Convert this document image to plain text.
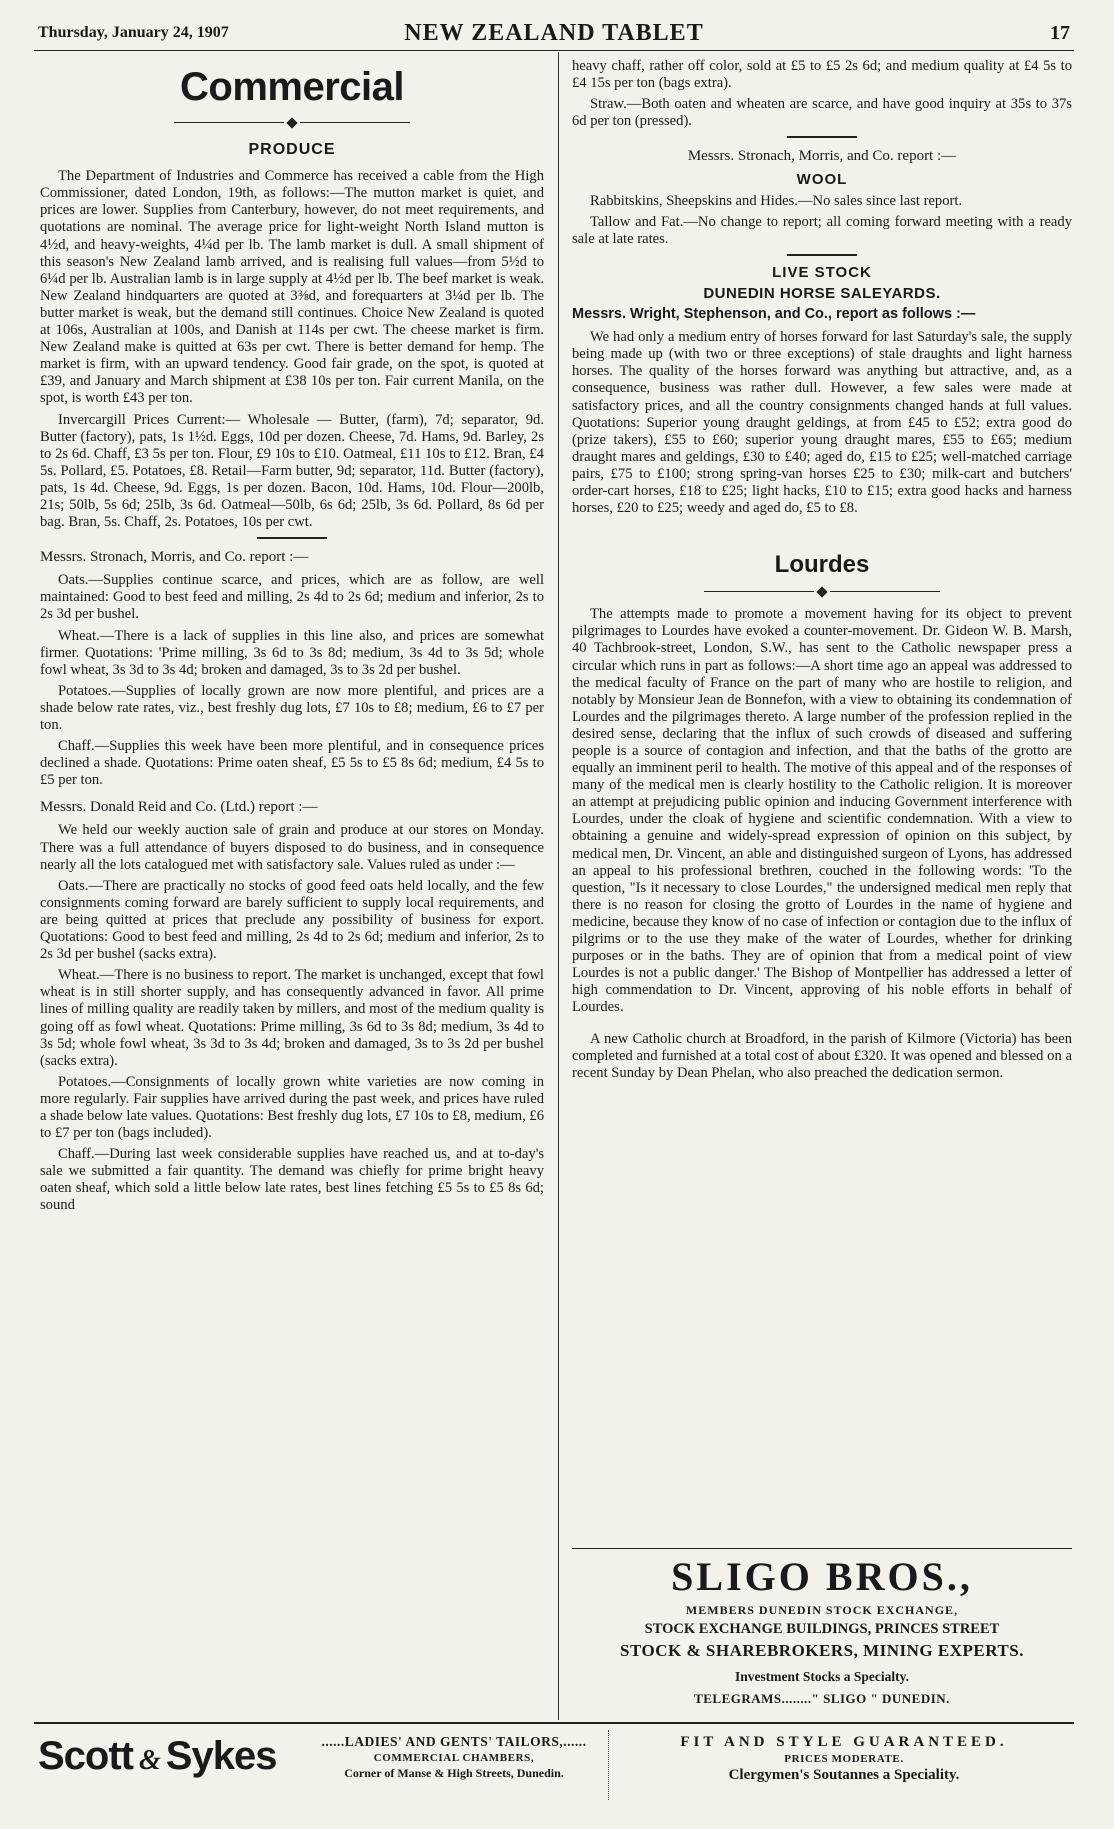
Thursday, January 24, 1907	NEW ZEALAND TABLET	17
Commercial
PRODUCE

The Department of Industries and Commerce has received a cable from the High Commissioner, dated London, 19th, as follows:—The mutton market is quiet, and prices are lower. Supplies from Canterbury, however, do not meet requirements, and quotations are nominal. The average price for light-weight North Island mutton is 4½d, and heavy-weights, 4¼d per lb. The lamb market is dull. A small shipment of this season's New Zealand lamb arrived, and is realising full values—from 5½d to 6¼d per lb. Australian lamb is in large supply at 4½d per lb. The beef market is weak. New Zealand hindquarters are quoted at 3⅜d, and forequarters at 3¼d per lb. The butter market is weak, but the demand still continues. Choice New Zealand is quoted at 106s, Australian at 100s, and Danish at 114s per cwt. The cheese market is firm. New Zealand make is quitted at 63s per cwt. There is better demand for hemp. The market is firm, with an upward tendency. Good fair grade, on the spot, is quoted at £39, and January and March shipment at £38 10s per ton. Fair current Manila, on the spot, is worth £43 per ton.

Invercargill Prices Current:— Wholesale — Butter, (farm), 7d; separator, 9d. Butter (factory), pats, 1s 1½d. Eggs, 10d per dozen. Cheese, 7d. Hams, 9d. Barley, 2s to 2s 6d. Chaff, £3 5s per ton. Flour, £9 10s to £10. Oatmeal, £11 10s to £12. Bran, £4 5s. Pollard, £5. Potatoes, £8. Retail—Farm butter, 9d; separator, 11d. Butter (factory), pats, 1s 4d. Cheese, 9d. Eggs, 1s per dozen. Bacon, 10d. Hams, 10d. Flour—200lb, 21s; 50lb, 5s 6d; 25lb, 3s 6d. Oatmeal—50lb, 6s 6d; 25lb, 3s 6d. Pollard, 8s 6d per bag. Bran, 5s. Chaff, 2s. Potatoes, 10s per cwt.

Messrs. Stronach, Morris, and Co. report :—

Oats.—Supplies continue scarce, and prices, which are as follow, are well maintained: Good to best feed and milling, 2s 4d to 2s 6d; medium and inferior, 2s to 2s 3d per bushel.

Wheat.—There is a lack of supplies in this line also, and prices are somewhat firmer. Quotations: 'Prime milling, 3s 6d to 3s 8d; medium, 3s 4d to 3s 5d; whole fowl wheat, 3s 3d to 3s 4d; broken and damaged, 3s to 3s 2d per bushel.

Potatoes.—Supplies of locally grown are now more plentiful, and prices are a shade below rate rates, viz., best freshly dug lots, £7 10s to £8; medium, £6 to £7 per ton.

Chaff.—Supplies this week have been more plentiful, and in consequence prices declined a shade. Quotations: Prime oaten sheaf, £5 5s to £5 8s 6d; medium, £4 5s to £5 per ton.

Messrs. Donald Reid and Co. (Ltd.) report :—

We held our weekly auction sale of grain and produce at our stores on Monday. There was a full attendance of buyers disposed to do business, and in consequence nearly all the lots catalogued met with satisfactory sale. Values ruled as under :—

Oats.—There are practically no stocks of good feed oats held locally, and the few consignments coming forward are barely sufficient to supply local requirements, and are being quitted at prices that preclude any possibility of business for export. Quotations: Good to best feed and milling, 2s 4d to 2s 6d; medium and inferior, 2s to 2s 3d per bushel (sacks extra).

Wheat.—There is no business to report. The market is unchanged, except that fowl wheat is in still shorter supply, and has consequently advanced in favor. All prime lines of milling quality are readily taken by millers, and most of the medium quality is going off as fowl wheat. Quotations: Prime milling, 3s 6d to 3s 8d; medium, 3s 4d to 3s 5d; whole fowl wheat, 3s 3d to 3s 4d; broken and damaged, 3s to 3s 2d per bushel (sacks extra).

Potatoes.—Consignments of locally grown white varieties are now coming in more regularly. Fair supplies have arrived during the past week, and prices have ruled a shade below late values. Quotations: Best freshly dug lots, £7 10s to £8, medium, £6 to £7 per ton (bags included).

Chaff.—During last week considerable supplies have reached us, and at to-day's sale we submitted a fair quantity. The demand was chiefly for prime bright heavy oaten sheaf, which sold a little below late rates, best lines fetching £5 5s to £5 8s 6d; sound

heavy chaff, rather off color, sold at £5 to £5 2s 6d; and medium quality at £4 5s to £4 15s per ton (bags extra).

Straw.—Both oaten and wheaten are scarce, and have good inquiry at 35s to 37s 6d per ton (pressed).

Messrs. Stronach, Morris, and Co. report :—

WOOL

Rabbitskins, Sheepskins and Hides.—No sales since last report.

Tallow and Fat.—No change to report; all coming forward meeting with a ready sale at late rates.

LIVE STOCK
DUNEDIN HORSE SALEYARDS.

Messrs. Wright, Stephenson, and Co., report as follows :—

We had only a medium entry of horses forward for last Saturday's sale, the supply being made up (with two or three exceptions) of stale draughts and light harness horses. The quality of the horses forward was anything but attractive, and, as a consequence, business was rather dull. However, a few sales were made at satisfactory prices, and all the country consignments changed hands at full values. Quotations: Superior young draught geldings, at from £45 to £52; extra good do (prize takers), £55 to £60; superior young draught mares, £55 to £65; medium draught mares and geldings, £30 to £40; aged do, £15 to £25; well-matched carriage pairs, £75 to £100; strong spring-van horses £25 to £30; milk-cart and butchers' order-cart horses, £18 to £25; light hacks, £10 to £15; extra good hacks and harness horses, £20 to £25; weedy and aged do, £5 to £8.

Lourdes

The attempts made to promote a movement having for its object to prevent pilgrimages to Lourdes have evoked a counter-movement. Dr. Gideon W. B. Marsh, 40 Tachbrook-street, London, S.W., has sent to the Catholic newspaper press a circular which runs in part as follows:—A short time ago an appeal was addressed to the medical faculty of France on the part of many who are hostile to religion, and notably by Monsieur Jean de Bonnefon, with a view to obtaining its condemnation of Lourdes and the pilgrimages thereto. A large number of the profession replied in the desired sense, declaring that the influx of such crowds of diseased and suffering people is a source of contagion and infection, and that the baths of the grotto are equally an imminent peril to health. The motive of this appeal and of the responses of many of the medical men is clearly hostility to the Catholic religion. It is moreover an attempt at prejudicing public opinion and inducing Government interference with Lourdes, under the cloak of hygiene and scientific condemnation. With a view to obtaining a genuine and widely-spread expression of opinion on this subject, by medical men, Dr. Vincent, an able and distinguished surgeon of Lyons, has addressed an appeal to his professional brethren, couched in the following words: 'To the question, "Is it necessary to close Lourdes," the undersigned medical men reply that there is no reason for closing the grotto of Lourdes in the name of hygiene and medicine, because they know of no case of infection or contagion due to the influx of pilgrims or to the use they make of the water of Lourdes, whether for drinking purposes or in the baths. They are of opinion that from a medical point of view Lourdes is not a public danger.' The Bishop of Montpellier has addressed a letter of high commendation to Dr. Vincent, approving of his noble efforts in behalf of Lourdes.

A new Catholic church at Broadford, in the parish of Kilmore (Victoria) has been completed and furnished at a total cost of about £320. It was opened and blessed on a recent Sunday by Dean Phelan, who also preached the dedication sermon.

SLIGO BROS.,
MEMBERS DUNEDIN STOCK EXCHANGE,
STOCK EXCHANGE BUILDINGS, PRINCES STREET
STOCK & SHAREBROKERS, MINING EXPERTS.
Investment Stocks a Specialty.
TELEGRAMS........" SLIGO " DUNEDIN.
Scott & Sykes	......LADIES' AND GENTS' TAILORS,......
COMMERCIAL CHAMBERS,
Corner of Manse & High Streets, Dunedin.
FIT AND STYLE GUARANTEED.
PRICES MODERATE.
Clergymen's Soutannes a Speciality.
